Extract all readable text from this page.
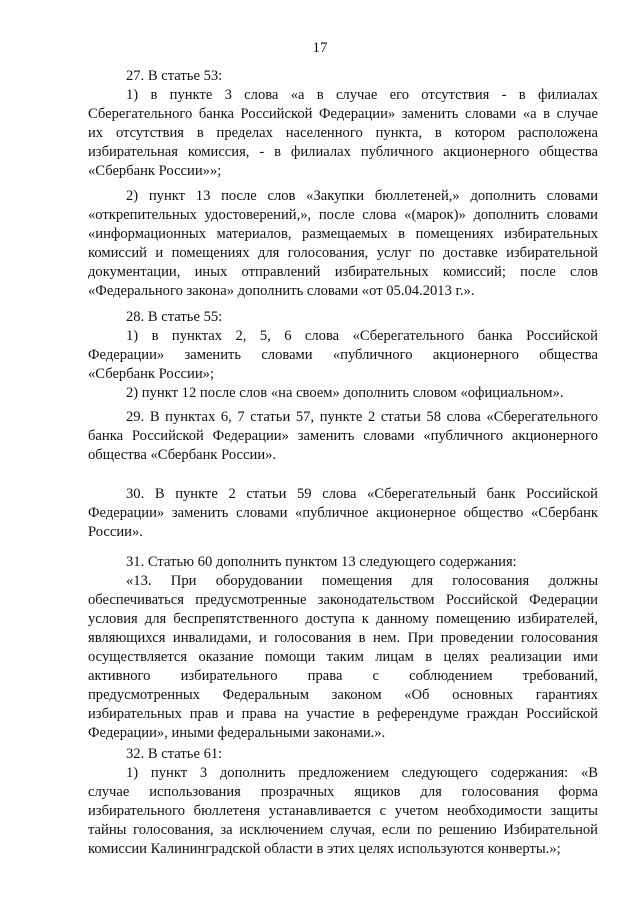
17
27. В статье 53:
1) в пункте 3 слова «а в случае его отсутствия - в филиалах
Сберегательного банка Российской Федерации» заменить словами «а в случае
их отсутствия в пределах населенного пункта, в котором расположена
избирательная комиссия, - в филиалах публичного акционерного общества
«Сбербанк России»»;
2) пункт 13 после слов «Закупки бюллетеней,» дополнить словами
«открепительных удостоверений,», после слова «(марок)» дополнить словами
«информационных материалов, размещаемых в помещениях избирательных
комиссий и помещениях для голосования, услуг по доставке избирательной
документации, иных отправлений избирательных комиссий; после слов
«Федерального закона» дополнить словами «от 05.04.2013 г.».
28. В статье 55:
1) в пунктах 2, 5, 6 слова «Сберегательного банка Российской
Федерации» заменить словами «публичного акционерного общества
«Сбербанк России»;
2) пункт 12 после слов «на своем» дополнить словом «официальном».
29. В пунктах 6, 7 статьи 57, пункте 2 статьи 58 слова «Сберегательного
банка Российской Федерации» заменить словами «публичного акционерного
общества «Сбербанк России».
30. В пункте 2 статьи 59 слова «Сберегательный банк Российской
Федерации» заменить словами «публичное акционерное общество «Сбербанк
России».
31. Статью 60 дополнить пунктом 13 следующего содержания:
«13. При оборудовании помещения для голосования должны
обеспечиваться предусмотренные законодательством Российской Федерации
условия для беспрепятственного доступа к данному помещению избирателей,
являющихся инвалидами, и голосования в нем. При проведении голосования
осуществляется оказание помощи таким лицам в целях реализации ими
активного избирательного права с соблюдением требований,
предусмотренных Федеральным законом «Об основных гарантиях
избирательных прав и права на участие в референдуме граждан Российской
Федерации», иными федеральными законами.».
32. В статье 61:
1) пункт 3 дополнить предложением следующего содержания: «В
случае использования прозрачных ящиков для голосования форма
избирательного бюллетеня устанавливается с учетом необходимости защиты
тайны голосования, за исключением случая, если по решению Избирательной
комиссии Калининградской области в этих целях используются конверты.»;
